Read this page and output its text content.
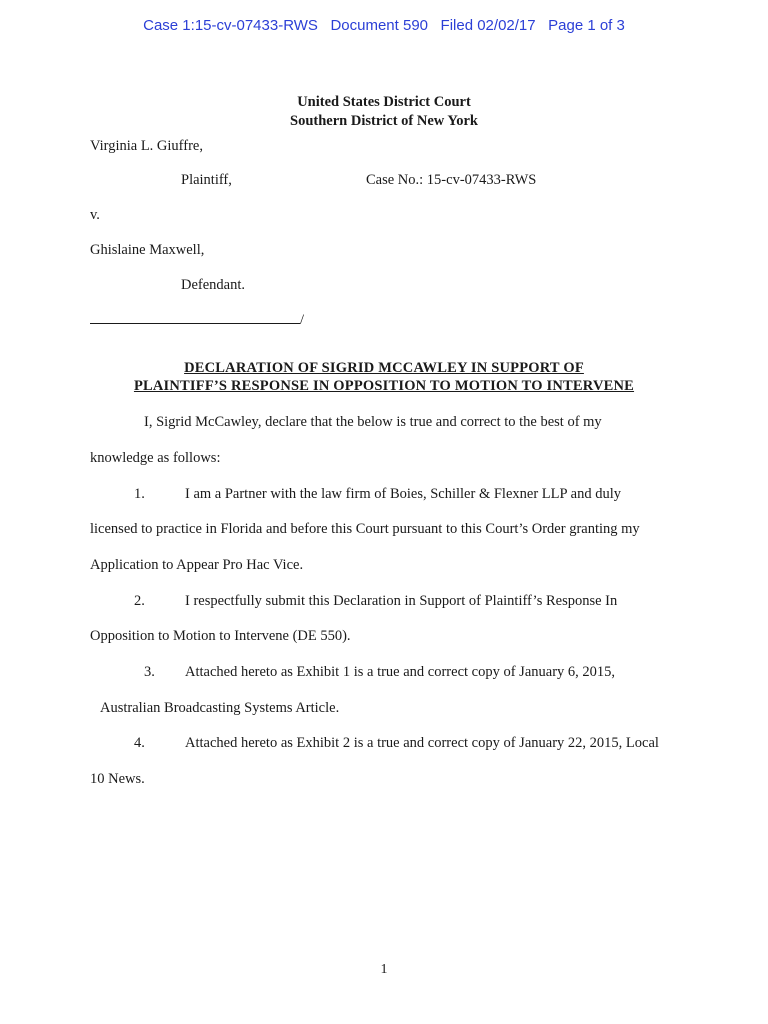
Case 1:15-cv-07433-RWS Document 590 Filed 02/02/17 Page 1 of 3
United States District Court
Southern District of New York
Virginia L. Giuffre,
Plaintiff,	Case No.: 15-cv-07433-RWS
v.
Ghislaine Maxwell,
Defendant.
/
DECLARATION OF SIGRID MCCAWLEY IN SUPPORT OF
PLAINTIFF’S RESPONSE IN OPPOSITION TO MOTION TO INTERVENE
I, Sigrid McCawley, declare that the below is true and correct to the best of my
knowledge as follows:
1.	I am a Partner with the law firm of Boies, Schiller & Flexner LLP and duly
licensed to practice in Florida and before this Court pursuant to this Court’s Order granting my
Application to Appear Pro Hac Vice.
2.	I respectfully submit this Declaration in Support of Plaintiff’s Response In
Opposition to Motion to Intervene (DE 550).
3. Attached hereto as Exhibit 1 is a true and correct copy of January 6, 2015,
Australian Broadcasting Systems Article.
4.	Attached hereto as Exhibit 2 is a true and correct copy of January 22, 2015, Local
10 News.
1
